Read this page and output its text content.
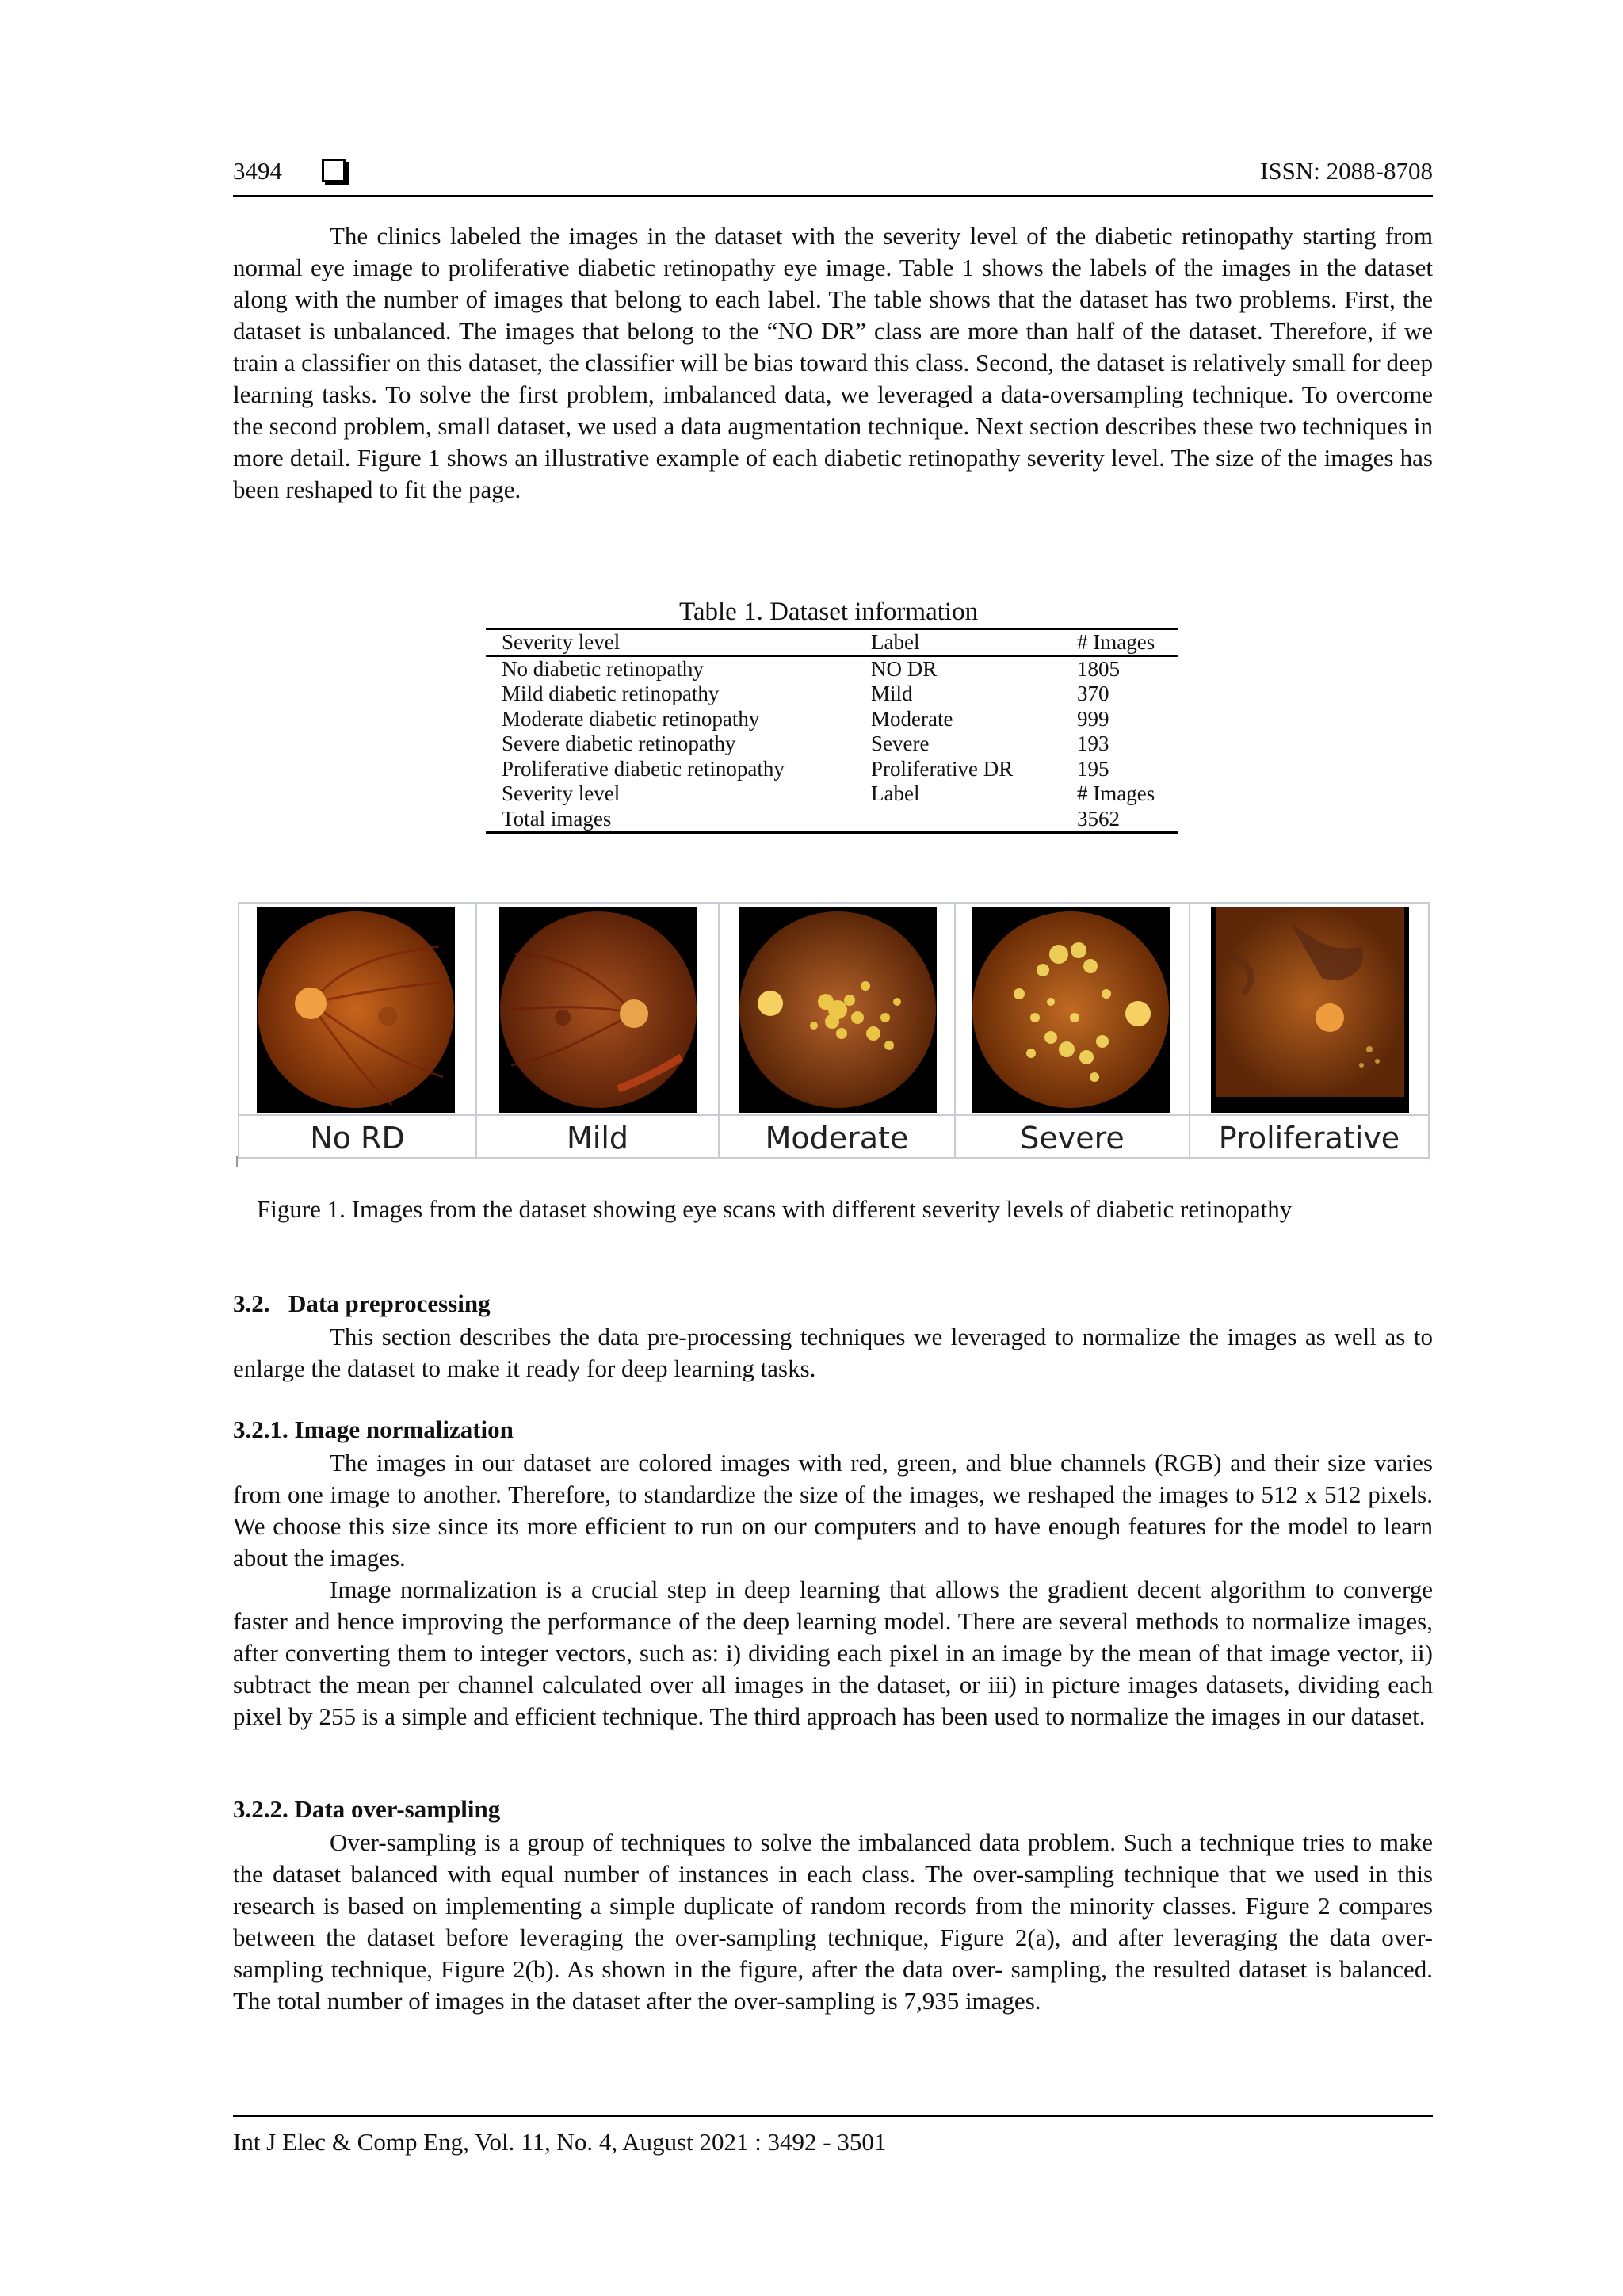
3494	ISSN: 2088-8708

The clinics labeled the images in the dataset with the severity level of the diabetic retinopathy starting from normal eye image to proliferative diabetic retinopathy eye image. Table 1 shows the labels of the images in the dataset along with the number of images that belong to each label. The table shows that the dataset has two problems. First, the dataset is unbalanced. The images that belong to the “NO DR” class are more than half of the dataset. Therefore, if we train a classifier on this dataset, the classifier will be bias toward this class. Second, the dataset is relatively small for deep learning tasks. To solve the first problem, imbalanced data, we leveraged a data-oversampling technique. To overcome the second problem, small dataset, we used a data augmentation technique. Next section describes these two techniques in more detail. Figure 1 shows an illustrative example of each diabetic retinopathy severity level. The size of the images has been reshaped to fit the page.

Table 1. Dataset information

Severity level	Label	# Images
No diabetic retinopathy	NO DR	1805
Mild diabetic retinopathy	Mild	370
Moderate diabetic retinopathy	Moderate	999
Severe diabetic retinopathy	Severe	193
Proliferative diabetic retinopathy	Proliferative DR	195
Severity level	Label	# Images
Total images		3562
No RD	Mild	Moderate	Severe	Proliferative

Figure 1. Images from the dataset showing eye scans with different severity levels of diabetic retinopathy

3.2. Data preprocessing

This section describes the data pre-processing techniques we leveraged to normalize the images as well as to enlarge the dataset to make it ready for deep learning tasks.

3.2.1. Image normalization

The images in our dataset are colored images with red, green, and blue channels (RGB) and their size varies from one image to another. Therefore, to standardize the size of the images, we reshaped the images to 512 x 512 pixels. We choose this size since its more efficient to run on our computers and to have enough features for the model to learn about the images.

Image normalization is a crucial step in deep learning that allows the gradient decent algorithm to converge faster and hence improving the performance of the deep learning model. There are several methods to normalize images, after converting them to integer vectors, such as: i) dividing each pixel in an image by the mean of that image vector, ii) subtract the mean per channel calculated over all images in the dataset, or iii) in picture images datasets, dividing each pixel by 255 is a simple and efficient technique. The third approach has been used to normalize the images in our dataset.

3.2.2. Data over-sampling

Over-sampling is a group of techniques to solve the imbalanced data problem. Such a technique tries to make the dataset balanced with equal number of instances in each class. The over-sampling technique that we used in this research is based on implementing a simple duplicate of random records from the minority classes. Figure 2 compares between the dataset before leveraging the over-sampling technique, Figure 2(a), and after leveraging the data over-sampling technique, Figure 2(b). As shown in the figure, after the data over- sampling, the resulted dataset is balanced. The total number of images in the dataset after the over-sampling is 7,935 images.

Int J Elec & Comp Eng, Vol. 11, No. 4, August 2021 : 3492 - 3501
